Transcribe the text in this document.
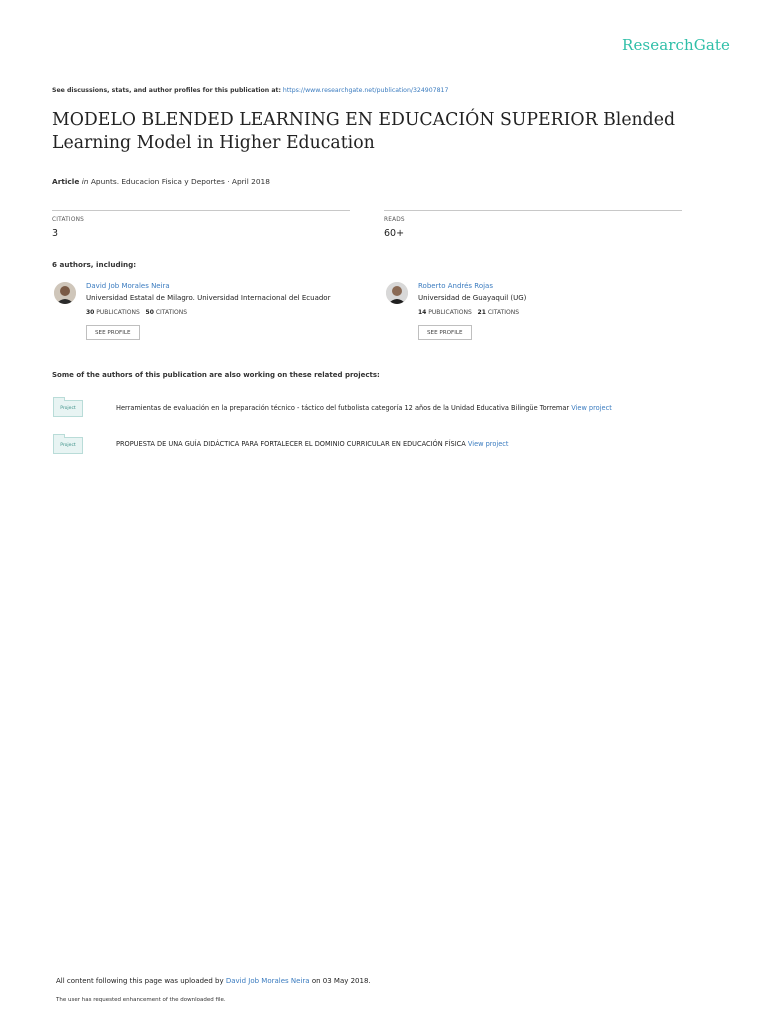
ResearchGate
See discussions, stats, and author profiles for this publication at: https://www.researchgate.net/publication/324907817
MODELO BLENDED LEARNING EN EDUCACIÓN SUPERIOR Blended Learning Model in Higher Education
Article in Apunts. Educacion Fisica y Deportes · April 2018
CITATIONS
3
READS
60+
6 authors, including:
David Job Morales Neira
Universidad Estatal de Milagro. Universidad Internacional del Ecuador
30 PUBLICATIONS 50 CITATIONS
SEE PROFILE
Roberto Andrés Rojas
Universidad de Guayaquil (UG)
14 PUBLICATIONS 21 CITATIONS
SEE PROFILE
Some of the authors of this publication are also working on these related projects:
Project	Herramientas de evaluación en la preparación técnico - táctico del futbolista categoría 12 años de la Unidad Educativa Bilingüe Torremar View project
Project	PROPUESTA DE UNA GUÍA DIDÁCTICA PARA FORTALECER EL DOMINIO CURRICULAR EN EDUCACIÓN FÍSICA View project
All content following this page was uploaded by David Job Morales Neira on 03 May 2018.
The user has requested enhancement of the downloaded file.
